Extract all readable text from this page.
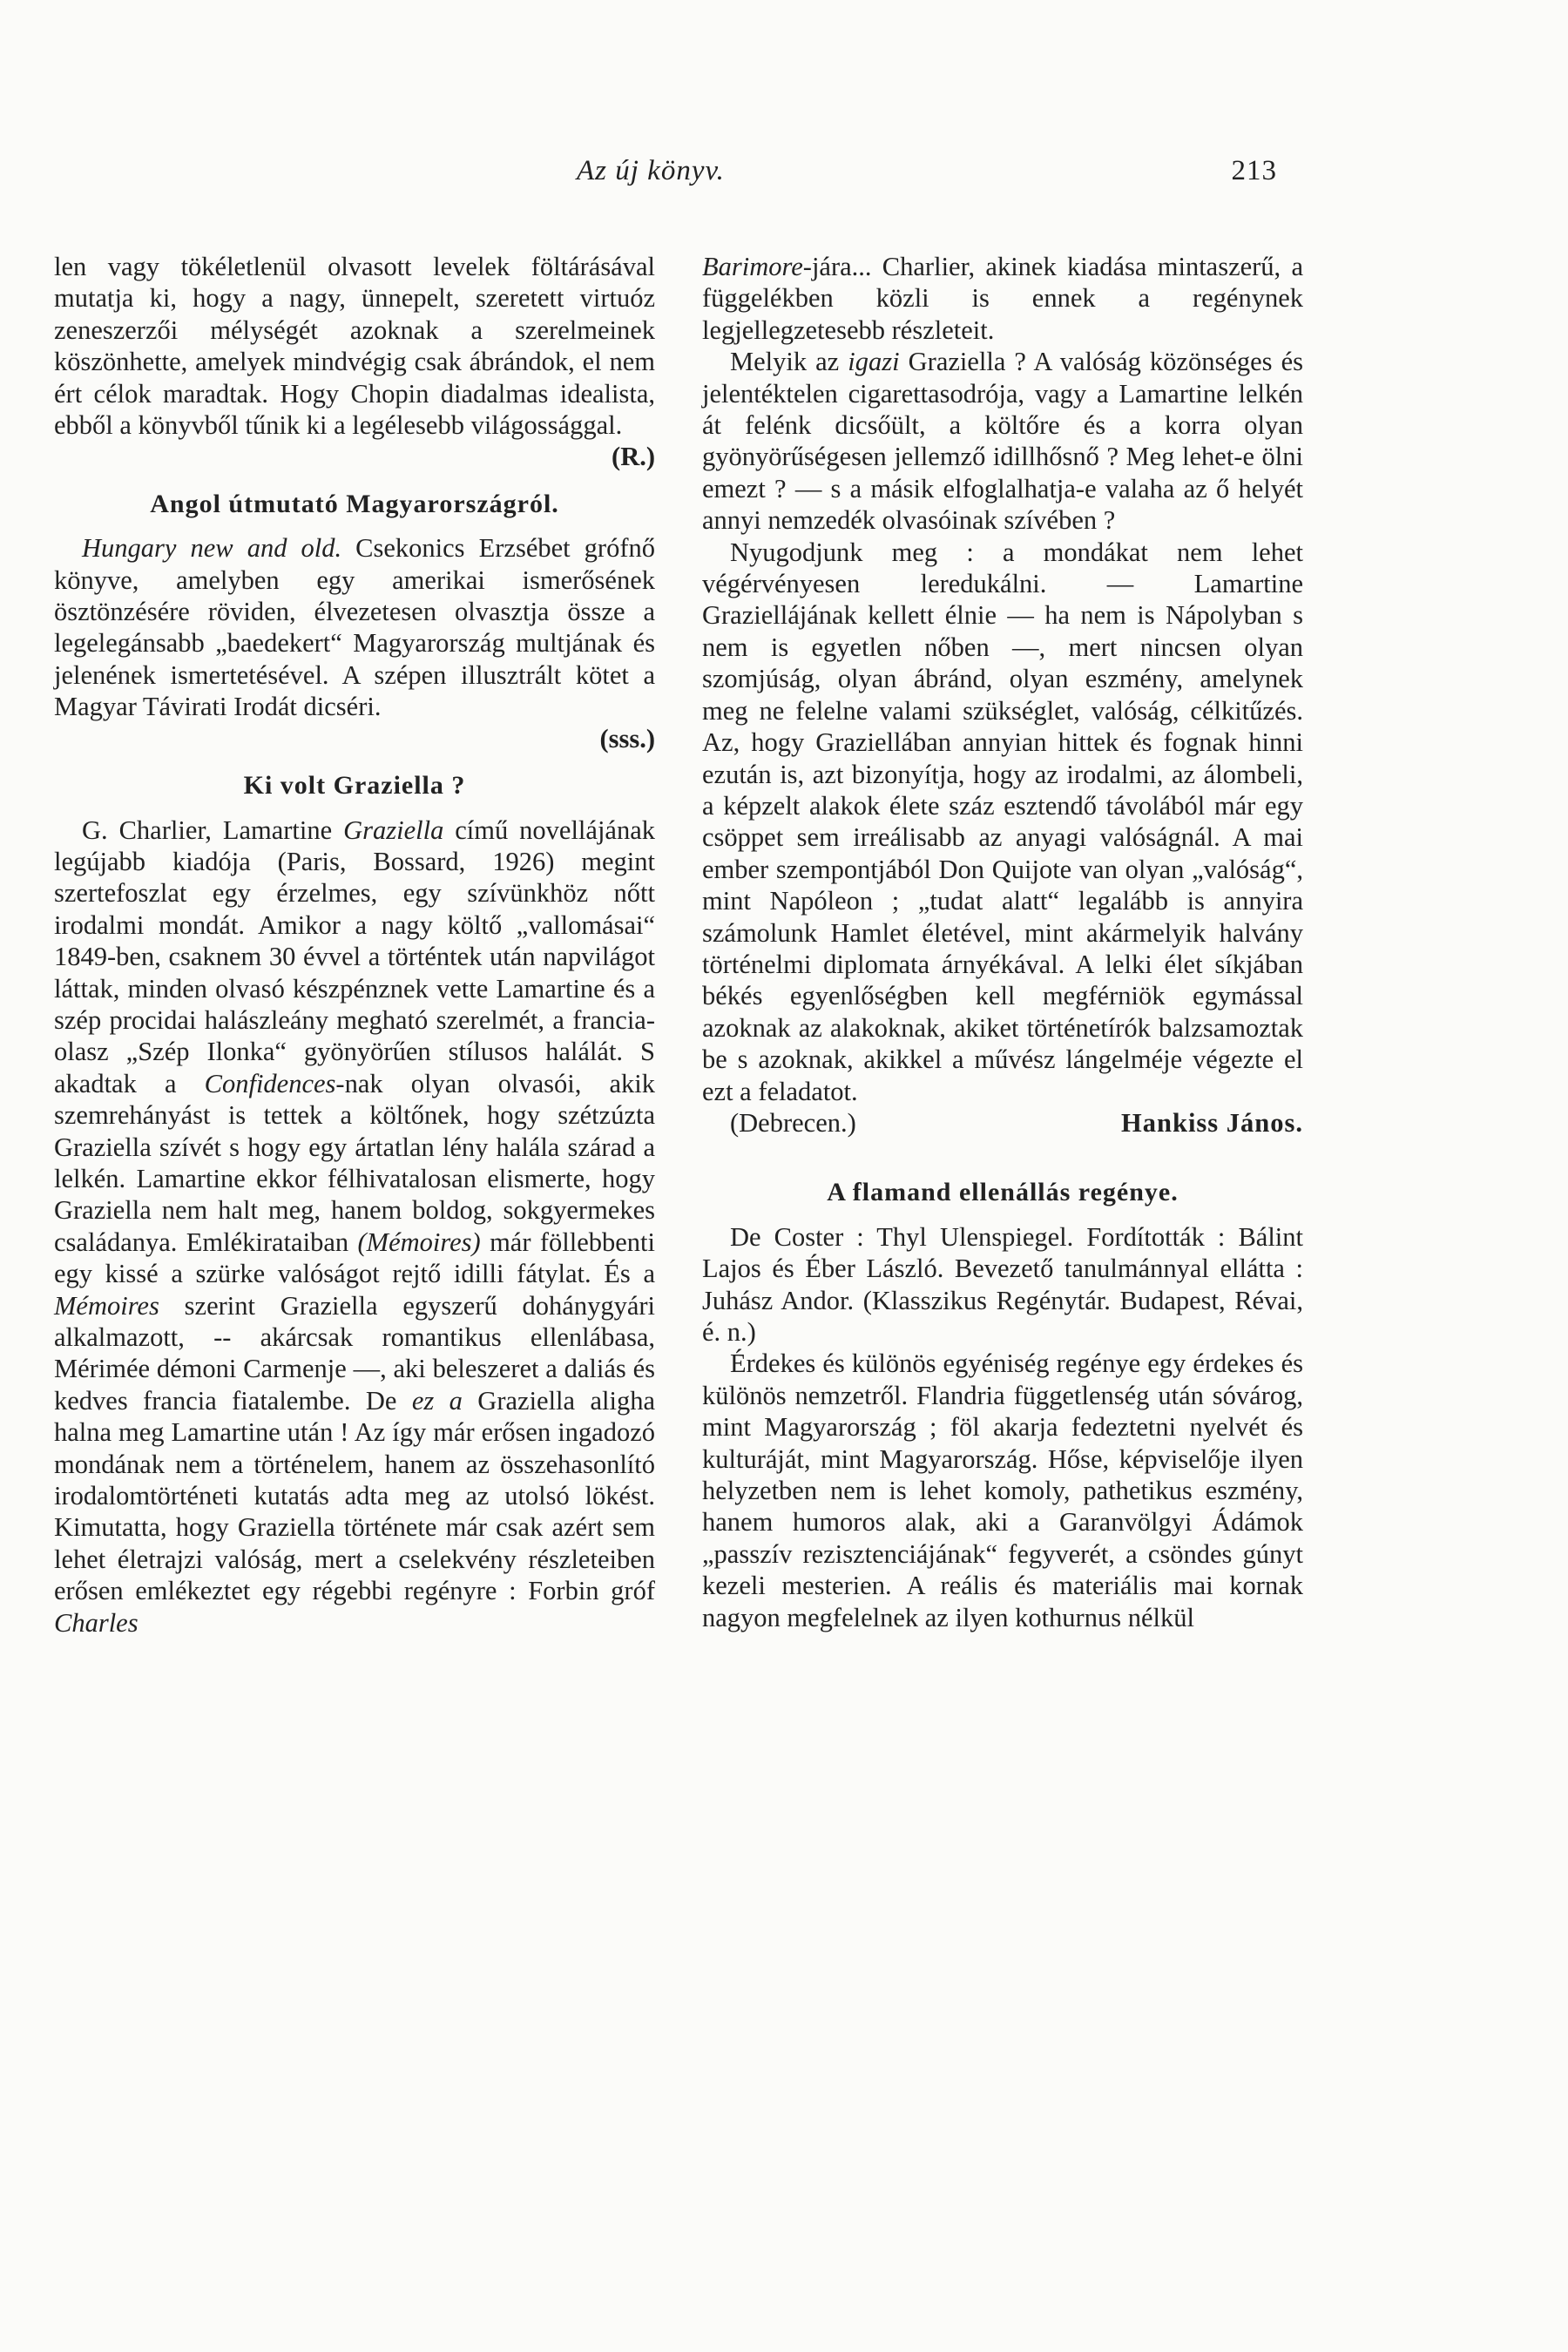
Az új könyv.	213

len vagy tökéletlenül olvasott levelek föltárásával mutatja ki, hogy a nagy, ünnepelt, szeretett virtuóz zeneszerzői mélységét azoknak a szerelmeinek köszönhette, amelyek mindvégig csak ábrándok, el nem ért célok maradtak. Hogy Chopin diadalmas idealista, ebből a könyvből tűnik ki a legélesebb világossággal.

(R.)

Angol útmutató Magyarországról.

Hungary new and old. Csekonics Erzsébet grófnő könyve, amelyben egy amerikai ismerősének ösztönzésére röviden, élvezetesen olvasztja össze a legelegánsabb „baedekert“ Magyarország multjának és jelenének ismertetésével. A szépen illusztrált kötet a Magyar Távirati Irodát dicséri.

(sss.)

Ki volt Graziella ?

G. Charlier, Lamartine Graziella című novellájának legújabb kiadója (Paris, Bossard, 1926) megint szertefoszlat egy érzelmes, egy szívünkhöz nőtt irodalmi mondát. Amikor a nagy költő „vallomásai“ 1849-ben, csaknem 30 évvel a történtek után napvilágot láttak, minden olvasó készpénznek vette Lamartine és a szép procidai halászleány megható szerelmét, a francia-olasz „Szép Ilonka“ gyönyörűen stílusos halálát. S akadtak a Confidences-nak olyan olvasói, akik szemrehányást is tettek a költőnek, hogy szétzúzta Graziella szívét s hogy egy ártatlan lény halála szárad a lelkén. Lamartine ekkor félhivatalosan elismerte, hogy Graziella nem halt meg, hanem boldog, sokgyermekes családanya. Emlékirataiban (Mémoires) már föllebbenti egy kissé a szürke valóságot rejtő idilli fátylat. És a Mémoires szerint Graziella egyszerű dohánygyári alkalmazott, -- akárcsak romantikus ellenlábasa, Mérimée démoni Carmenje —, aki beleszeret a daliás és kedves francia fiatalembe. De ez a Graziella aligha halna meg Lamartine után ! Az így már erősen ingadozó mondának nem a történelem, hanem az összehasonlító irodalomtörténeti kutatás adta meg az utolsó lökést. Kimutatta, hogy Graziella története már csak azért sem lehet életrajzi valóság, mert a cselekvény részleteiben erősen emlékeztet egy régebbi regényre : Forbin gróf Charles

Barimore-jára... Charlier, akinek kiadása mintaszerű, a függelékben közli is ennek a regénynek legjellegzetesebb részleteit.

Melyik az igazi Graziella ? A valóság közönséges és jelentéktelen cigarettasodrója, vagy a Lamartine lelkén át felénk dicsőült, a költőre és a korra olyan gyönyörűségesen jellemző idillhősnő ? Meg lehet-e ölni emezt ? — s a másik elfoglalhatja-e valaha az ő helyét annyi nemzedék olvasóinak szívében ?

Nyugodjunk meg : a mondákat nem lehet végérvényesen leredukálni. — Lamartine Graziellájának kellett élnie — ha nem is Nápolyban s nem is egyetlen nőben —, mert nincsen olyan szomjúság, olyan ábránd, olyan eszmény, amelynek meg ne felelne valami szükséglet, valóság, célkitűzés. Az, hogy Graziellában annyian hittek és fognak hinni ezután is, azt bizonyítja, hogy az irodalmi, az álombeli, a képzelt alakok élete száz esztendő távolából már egy csöppet sem irreálisabb az anyagi valóságnál. A mai ember szempontjából Don Quijote van olyan „valóság“, mint Napóleon ; „tudat alatt“ legalább is annyira számolunk Hamlet életével, mint akármelyik halvány történelmi diplomata árnyékával. A lelki élet síkjában békés egyenlőségben kell megférniök egymással azoknak az alakoknak, akiket történetírók balzsamoztak be s azoknak, akikkel a művész lángelméje végezte el ezt a feladatot.

(Debrecen.)	Hankiss János.

A flamand ellenállás regénye.

De Coster : Thyl Ulenspiegel. Fordították : Bálint Lajos és Éber László. Bevezető tanulmánnyal ellátta : Juhász Andor. (Klasszikus Regénytár. Budapest, Révai, é. n.)

Érdekes és különös egyéniség regénye egy érdekes és különös nemzetről. Flandria függetlenség után sóvárog, mint Magyarország ; föl akarja fedeztetni nyelvét és kulturáját, mint Magyarország. Hőse, képviselője ilyen helyzetben nem is lehet komoly, pathetikus eszmény, hanem humoros alak, aki a Garanvölgyi Ádámok „passzív rezisztenciájának“ fegyverét, a csöndes gúnyt kezeli mesterien. A reális és materiális mai kornak nagyon megfelelnek az ilyen kothurnus nélkül
